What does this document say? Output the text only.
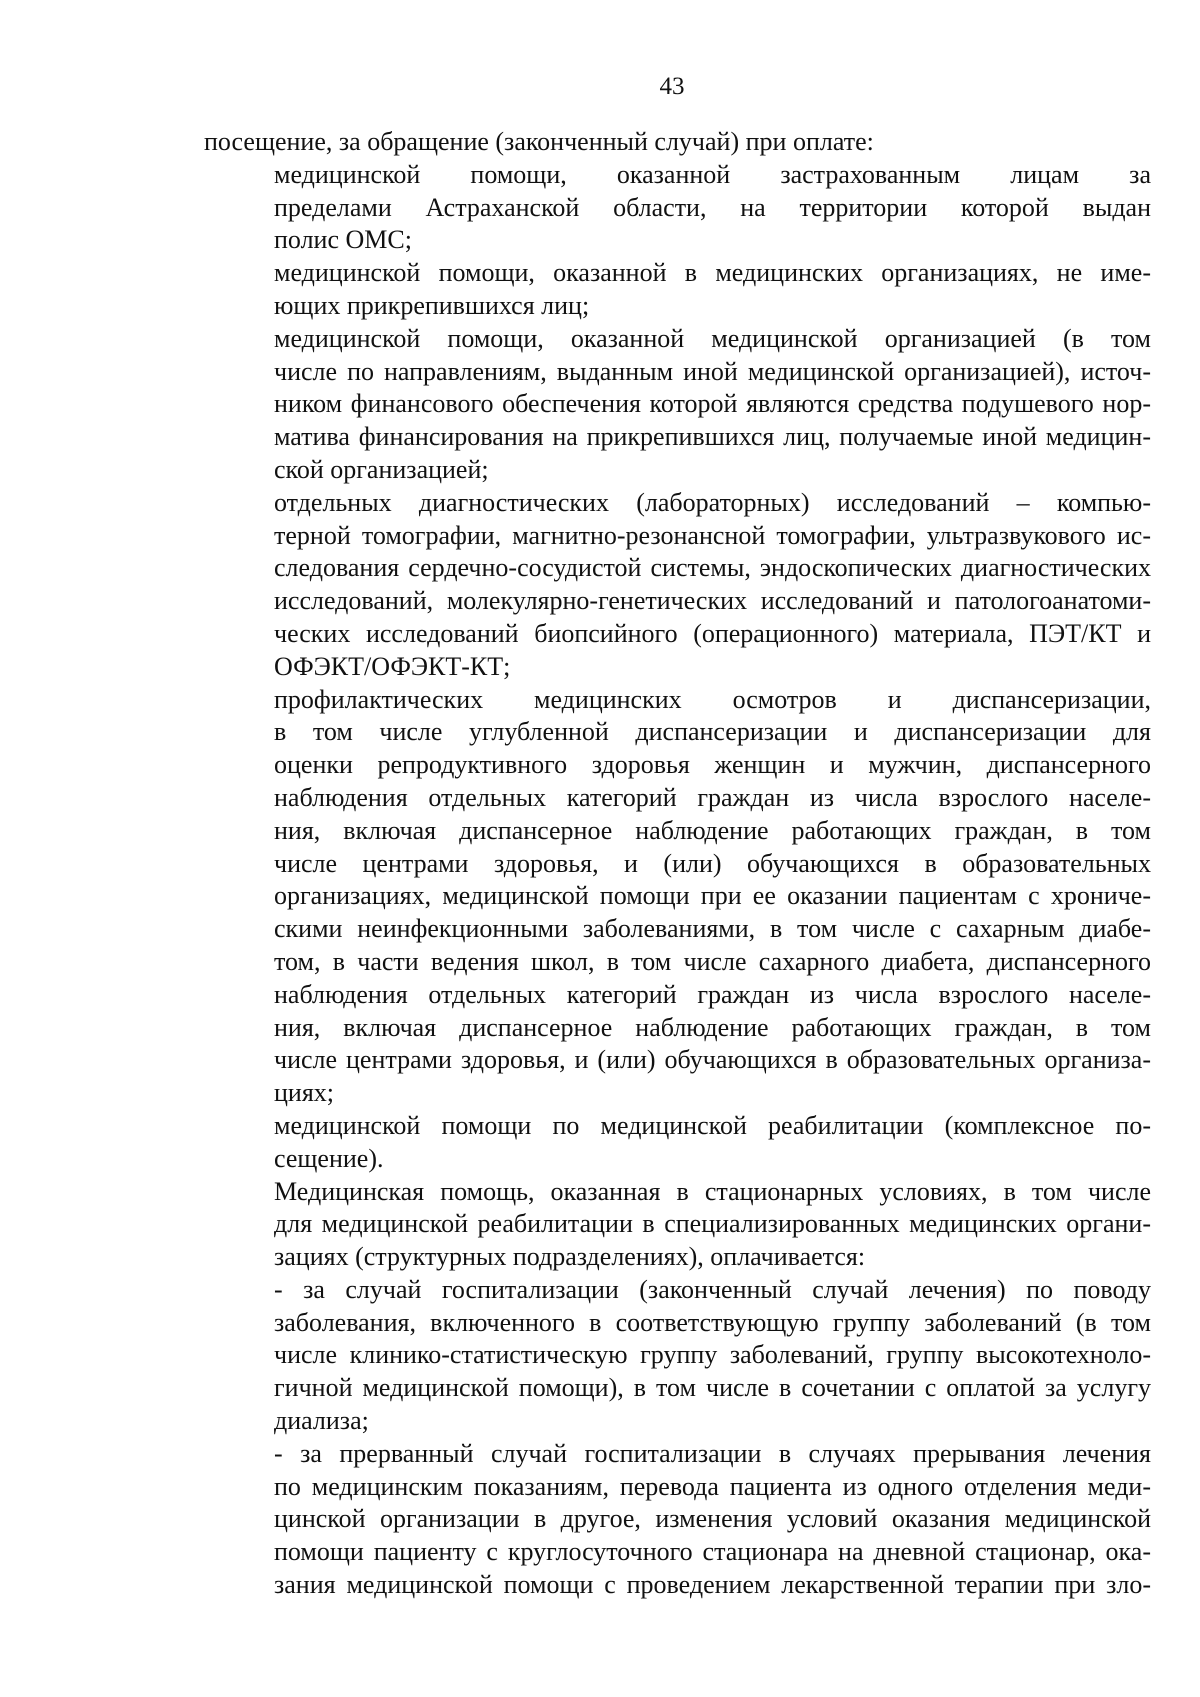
43
посещение, за обращение (законченный случай) при оплате:
медицинской помощи, оказанной застрахованным лицам за
пределами Астраханской области, на территории которой выдан
полис ОМС;
медицинской помощи, оказанной в медицинских организациях, не име-
ющих прикрепившихся лиц;
медицинской помощи, оказанной медицинской организацией (в том
числе по направлениям, выданным иной медицинской организацией), источ-
ником финансового обеспечения которой являются средства подушевого нор-
матива финансирования на прикрепившихся лиц, получаемые иной медицин-
ской организацией;
отдельных диагностических (лабораторных) исследований – компью-
терной томографии, магнитно-резонансной томографии, ультразвукового ис-
следования сердечно-сосудистой системы, эндоскопических диагностических
исследований, молекулярно-генетических исследований и патологоанатоми-
ческих исследований биопсийного (операционного) материала, ПЭТ/КТ и
ОФЭКТ/ОФЭКТ-КТ;
профилактических медицинских осмотров и диспансеризации,
в том числе углубленной диспансеризации и диспансеризации для
оценки репродуктивного здоровья женщин и мужчин, диспансерного
наблюдения отдельных категорий граждан из числа взрослого населе-
ния, включая диспансерное наблюдение работающих граждан, в том
числе центрами здоровья, и (или) обучающихся в образовательных
организациях, медицинской помощи при ее оказании пациентам с хрониче-
скими неинфекционными заболеваниями, в том числе с сахарным диабе-
том, в части ведения школ, в том числе сахарного диабета, диспансерного
наблюдения отдельных категорий граждан из числа взрослого населе-
ния, включая диспансерное наблюдение работающих граждан, в том
числе центрами здоровья, и (или) обучающихся в образовательных организа-
циях;
медицинской помощи по медицинской реабилитации (комплексное по-
сещение).
Медицинская помощь, оказанная в стационарных условиях, в том числе
для медицинской реабилитации в специализированных медицинских органи-
зациях (структурных подразделениях), оплачивается:
- за случай госпитализации (законченный случай лечения) по поводу
заболевания, включенного в соответствующую группу заболеваний (в том
числе клинико-статистическую группу заболеваний, группу высокотехноло-
гичной медицинской помощи), в том числе в сочетании с оплатой за услугу
диализа;
- за прерванный случай госпитализации в случаях прерывания лечения
по медицинским показаниям, перевода пациента из одного отделения меди-
цинской организации в другое, изменения условий оказания медицинской
помощи пациенту с круглосуточного стационара на дневной стационар, ока-
зания медицинской помощи с проведением лекарственной терапии при зло-
